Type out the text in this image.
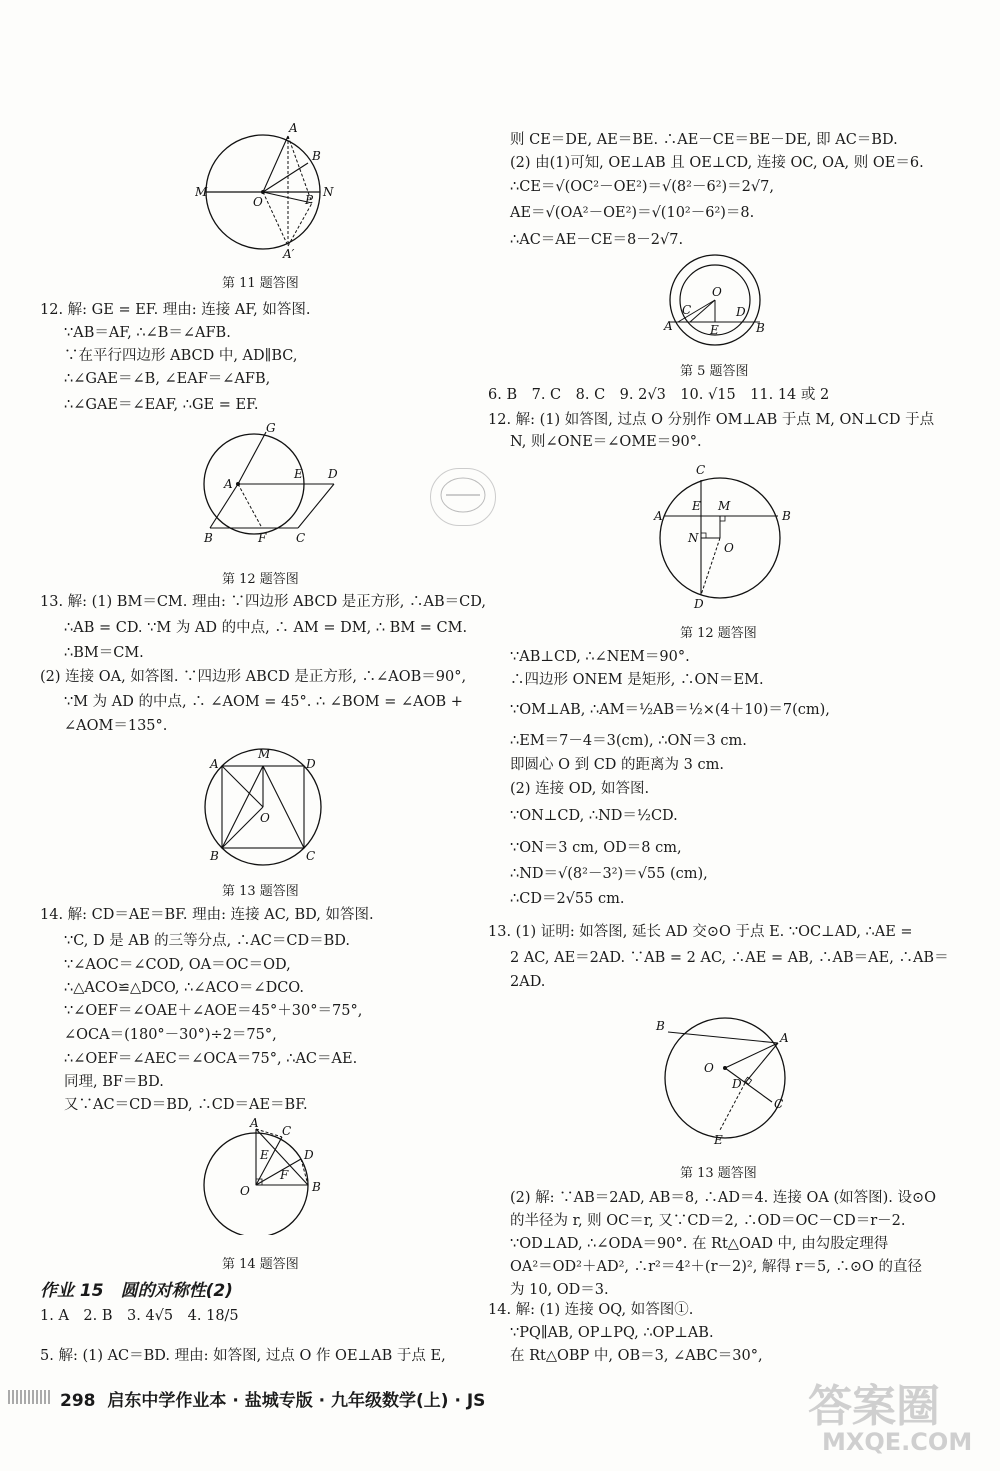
A
B
M	N
O	P
A′
第 11 题答图
12. 解: GE = EF. 理由: 连接 AF, 如答图.
∵AB＝AF, ∴∠B＝∠AFB.
∵在平行四边形 ABCD 中, AD∥BC,
∴∠GAE＝∠B, ∠EAF＝∠AFB,
∴∠GAE＝∠EAF, ∴GE = EF.
G
A
E D
B	F C
第 12 题答图
13. 解: (1) BM＝CM. 理由: ∵四边形 ABCD 是正方形, ∴AB＝CD,
∴AB = CD. ∵M 为 AD 的中点, ∴ AM = DM, ∴ BM = CM.
∴BM＝CM.
(2) 连接 OA, 如答图. ∵四边形 ABCD 是正方形, ∴∠AOB＝90°,
∵M 为 AD 的中点, ∴ ∠AOM = 45°. ∴ ∠BOM = ∠AOB +
∠AOM＝135°.
M
A	D
O
B	C
第 13 题答图
14. 解: CD＝AE＝BF. 理由: 连接 AC, BD, 如答图.
∵C, D 是 AB 的三等分点, ∴AC＝CD＝BD.
∵∠AOC＝∠COD, OA＝OC＝OD,
∴△ACO≌△DCO, ∴∠ACO＝∠DCO.
∵∠OEF＝∠OAE＋∠AOE＝45°＋30°＝75°,
∠OCA＝(180°－30°)÷2＝75°,
∴∠OEF＝∠AEC＝∠OCA＝75°, ∴AC＝AE.
同理, BF＝BD.
又∵AC＝CD＝BD, ∴CD＝AE＝BF.
A
C
D
E
F
O	B
第 14 题答图
作业 15　圆的对称性(2)
1. A　2. B　3. 4√5　4. 18/5
5. 解: (1) AC＝BD. 理由: 如答图, 过点 O 作 OE⊥AB 于点 E,
则 CE＝DE, AE＝BE. ∴AE－CE＝BE－DE, 即 AC＝BD.
(2) 由(1)可知, OE⊥AB 且 OE⊥CD, 连接 OC, OA, 则 OE＝6.
∴CE＝√(OC²－OE²)＝√(8²－6²)＝2√7,
AE＝√(OA²－OE²)＝√(10²－6²)＝8.
∴AC＝AE－CE＝8－2√7.
O
C	D
A	B
E
第 5 题答图
6. B　7. C　8. C　9. 2√3　10. √15　11. 14 或 2
12. 解: (1) 如答图, 过点 O 分别作 OM⊥AB 于点 M, ON⊥CD 于点
N, 则∠ONE＝∠OME＝90°.
C
E M
A	B
N
O
D
第 12 题答图
∵AB⊥CD, ∴∠NEM＝90°.
∴四边形 ONEM 是矩形, ∴ON＝EM.
∵OM⊥AB, ∴AM＝½AB＝½×(4＋10)＝7(cm),
∴EM＝7－4＝3(cm), ∴ON＝3 cm.
即圆心 O 到 CD 的距离为 3 cm.
(2) 连接 OD, 如答图.
∵ON⊥CD, ∴ND＝½CD.
∵ON＝3 cm, OD＝8 cm,
∴ND＝√(8²－3²)＝√55 (cm),
∴CD＝2√55 cm.
13. (1) 证明: 如答图, 延长 AD 交⊙O 于点 E. ∵OC⊥AD, ∴AE =
2 AC, AE＝2AD. ∵AB = 2 AC, ∴AE = AB, ∴AB＝AE, ∴AB＝
2AD.
B
A
O
D
C
E
第 13 题答图
(2) 解: ∵AB＝2AD, AB＝8, ∴AD＝4. 连接 OA (如答图). 设⊙O
的半径为 r, 则 OC＝r, 又∵CD＝2, ∴OD＝OC－CD＝r－2.
∵OD⊥AD, ∴∠ODA＝90°. 在 Rt△OAD 中, 由勾股定理得
OA²＝OD²＋AD², ∴r²＝4²＋(r－2)², 解得 r＝5, ∴⊙O 的直径
为 10, OD＝3.
14. 解: (1) 连接 OQ, 如答图①.
∵PQ∥AB, OP⊥PQ, ∴OP⊥AB.
在 Rt△OBP 中, OB＝3, ∠ABC＝30°,
298 启东中学作业本 · 盐城专版 · 九年级数学(上) · JS	答案圈
MXQE.COM
